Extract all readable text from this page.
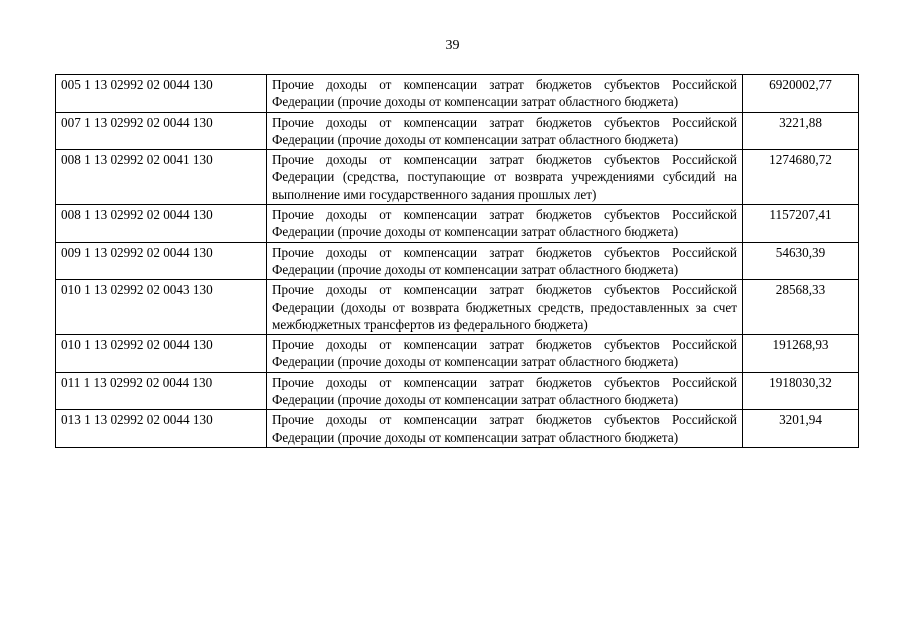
39
005 1 13 02992 02 0044 130	Прочие доходы от компенсации затрат бюджетов субъектов Российской Федерации (прочие доходы от компенсации затрат областного бюджета)	6920002,77
007 1 13 02992 02 0044 130	Прочие доходы от компенсации затрат бюджетов субъектов Российской Федерации (прочие доходы от компенсации затрат областного бюджета)	3221,88
008 1 13 02992 02 0041 130	Прочие доходы от компенсации затрат бюджетов субъектов Российской Федерации (средства, поступающие от возврата учреждениями субсидий на выполнение ими государственного задания прошлых лет)	1274680,72
008 1 13 02992 02 0044 130	Прочие доходы от компенсации затрат бюджетов субъектов Российской Федерации (прочие доходы от компенсации затрат областного бюджета)	1157207,41
009 1 13 02992 02 0044 130	Прочие доходы от компенсации затрат бюджетов субъектов Российской Федерации (прочие доходы от компенсации затрат областного бюджета)	54630,39
010 1 13 02992 02 0043 130	Прочие доходы от компенсации затрат бюджетов субъектов Российской Федерации (доходы от возврата бюджетных средств, предоставленных за счет межбюджетных трансфертов из федерального бюджета)	28568,33
010 1 13 02992 02 0044 130	Прочие доходы от компенсации затрат бюджетов субъектов Российской Федерации (прочие доходы от компенсации затрат областного бюджета)	191268,93
011 1 13 02992 02 0044 130	Прочие доходы от компенсации затрат бюджетов субъектов Российской Федерации (прочие доходы от компенсации затрат областного бюджета)	1918030,32
013 1 13 02992 02 0044 130	Прочие доходы от компенсации затрат бюджетов субъектов Российской Федерации (прочие доходы от компенсации затрат областного бюджета)	3201,94
